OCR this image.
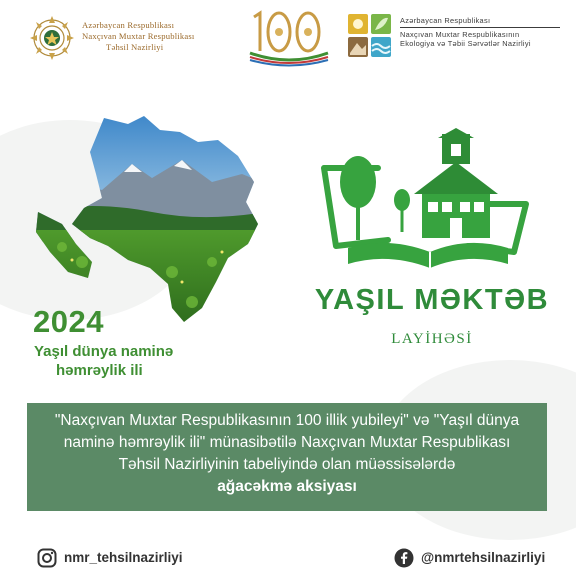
Azərbaycan Respublikası
Naxçıvan Muxtar Respublikası
Təhsil Nazirliyi
Azərbaycan Respublikası
Naxçıvan Muxtar Respublikasının
Ekologiya və Təbii Sərvətlər Nazirliyi
2024
Yaşıl dünya naminə
həmrəylik ili
YAŞIL MƏKTƏB
LAYİHƏSİ
"Naxçıvan Muxtar Respublikasının 100 illik yubileyi" və "Yaşıl dünya
naminə həmrəylik ili" münasibətilə Naxçıvan Muxtar Respublikası
Təhsil Nazirliyinin tabeliyində olan müəssisələrdə
ağacəkmə aksiyası
nmr_tehsilnazirliyi	@nmrtehsilnazirliyi
